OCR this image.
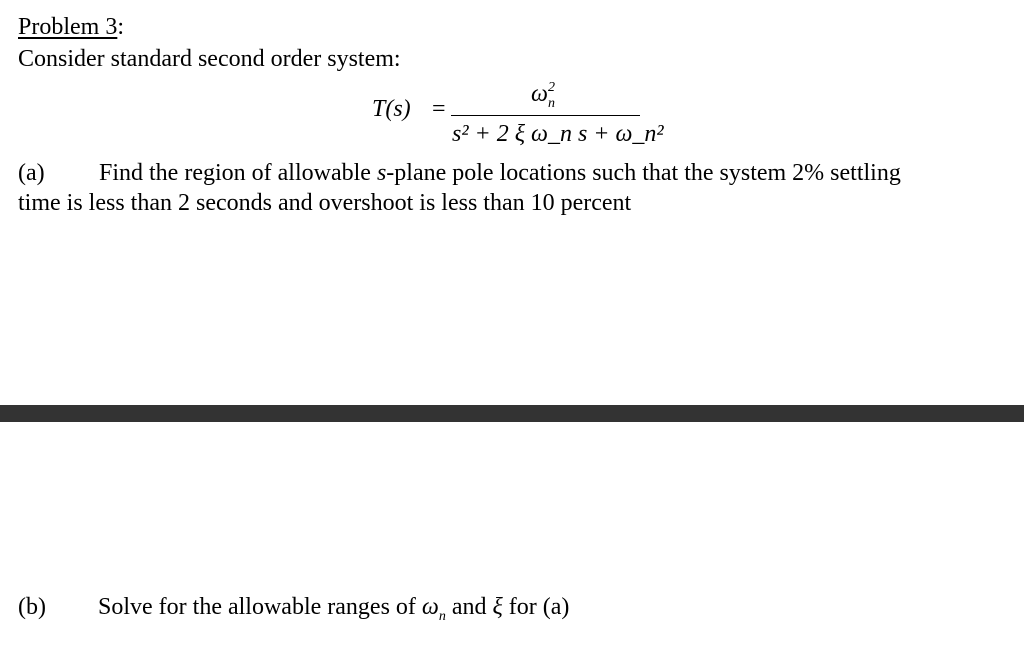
Problem 3:
Consider standard second order system:
T(s) =
$\omega_n^2$
s² + 2 ξ ω_n s + ω_n²
(a) Find the region of allowable s-plane pole locations such that the system 2% settling
time is less than 2 seconds and overshoot is less than 10 percent
(b) Solve for the allowable ranges of $\omega_n$ and ξ for (a)
